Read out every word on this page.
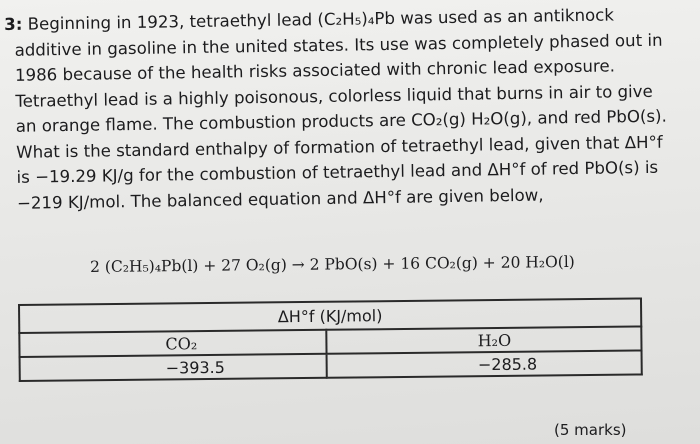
3: Beginning in 1923, tetraethyl lead (C₂H₅)₄Pb was used as an antiknock
additive in gasoline in the united states. Its use was completely phased out in
1986 because of the health risks associated with chronic lead exposure.
Tetraethyl lead is a highly poisonous, colorless liquid that burns in air to give
an orange flame. The combustion products are CO₂(g) H₂O(g), and red PbO(s).
What is the standard enthalpy of formation of tetraethyl lead, given that ΔH°f
is −19.29 KJ/g for the combustion of tetraethyl lead and ΔH°f of red PbO(s) is
−219 KJ/mol. The balanced equation and ΔH°f are given below,
2 (C₂H₅)₄Pb(l) + 27 O₂(g) → 2 PbO(s) + 16 CO₂(g) + 20 H₂O(l)
ΔH°f (KJ/mol)	
CO₂	H₂O
−393.5	−285.8
(5 marks)
